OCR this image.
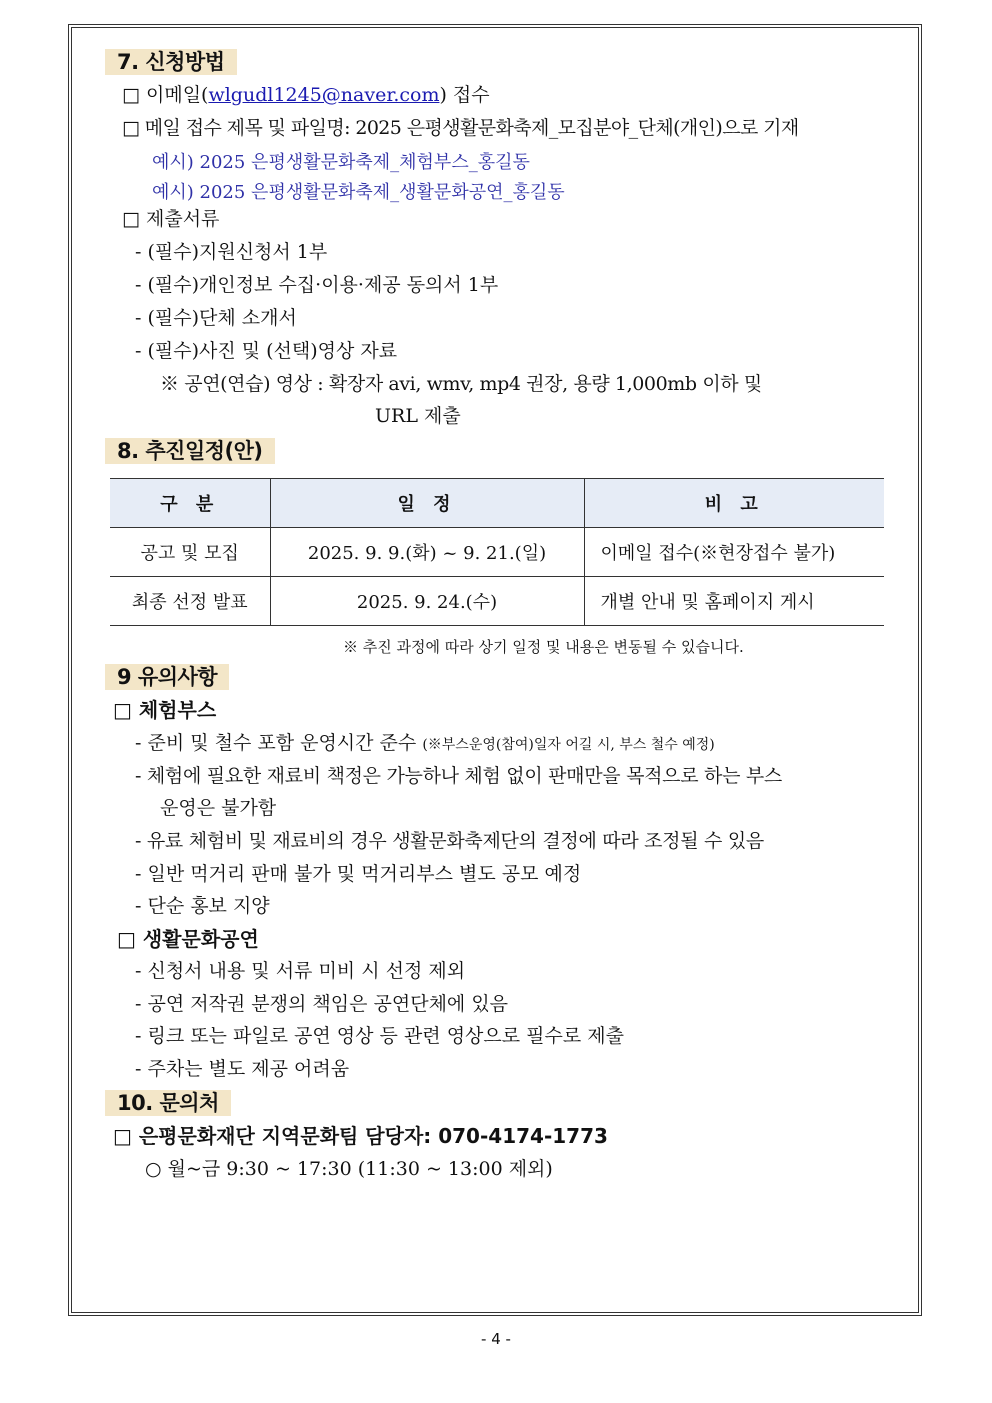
7. 신청방법
□ 이메일(wlgudl1245@naver.com) 접수
□ 메일 접수 제목 및 파일명: 2025 은평생활문화축제_모집분야_단체(개인)으로 기재
예시) 2025 은평생활문화축제_체험부스_홍길동
예시) 2025 은평생활문화축제_생활문화공연_홍길동
□ 제출서류
- (필수)지원신청서 1부
- (필수)개인정보 수집·이용·제공 동의서 1부
- (필수)단체 소개서
- (필수)사진 및 (선택)영상 자료
※ 공연(연습) 영상 : 확장자 avi, wmv, mp4 권장, 용량 1,000mb 이하 및
URL 제출
8. 추진일정(안)
구 분	일 정	비 고
공고 및 모집	2025. 9. 9.(화) ~ 9. 21.(일)	이메일 접수(※현장접수 불가)
최종 선정 발표	2025. 9. 24.(수)	개별 안내 및 홈페이지 게시
※ 추진 과정에 따라 상기 일정 및 내용은 변동될 수 있습니다.
9 유의사항
□ 체험부스
- 준비 및 철수 포함 운영시간 준수 (※부스운영(참여)일자 어길 시, 부스 철수 예정)
- 체험에 필요한 재료비 책정은 가능하나 체험 없이 판매만을 목적으로 하는 부스
운영은 불가함
- 유료 체험비 및 재료비의 경우 생활문화축제단의 결정에 따라 조정될 수 있음
- 일반 먹거리 판매 불가 및 먹거리부스 별도 공모 예정
- 단순 홍보 지양
□ 생활문화공연
- 신청서 내용 및 서류 미비 시 선정 제외
- 공연 저작권 분쟁의 책임은 공연단체에 있음
- 링크 또는 파일로 공연 영상 등 관련 영상으로 필수로 제출
- 주차는 별도 제공 어려움
10. 문의처
□ 은평문화재단 지역문화팀 담당자: 070-4174-1773
○ 월~금 9:30 ~ 17:30 (11:30 ~ 13:00 제외)
- 4 -
